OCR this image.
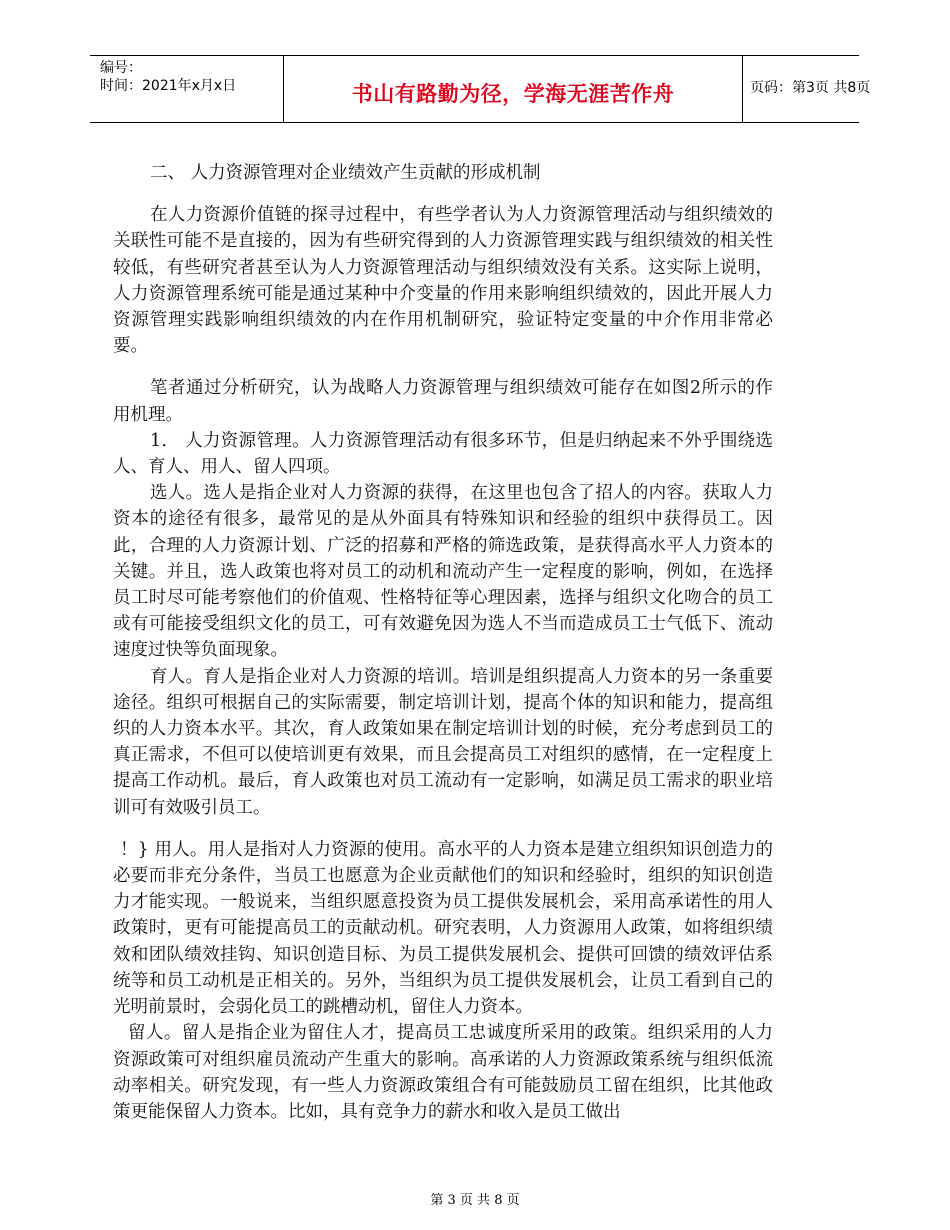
编号：
时间：2021年x月x日	书山有路勤为径，学海无涯苦作舟	页码：第3页 共8页

二、 人力资源管理对企业绩效产生贡献的形成机制

在人力资源价值链的探寻过程中，有些学者认为人力资源管理活动与组织绩效的关联性可能不是直接的，因为有些研究得到的人力资源管理实践与组织绩效的相关性较低，有些研究者甚至认为人力资源管理活动与组织绩效没有关系。这实际上说明，人力资源管理系统可能是通过某种中介变量的作用来影响组织绩效的，因此开展人力资源管理实践影响组织绩效的内在作用机制研究，验证特定变量的中介作用非常必要。

笔者通过分析研究，认为战略人力资源管理与组织绩效可能存在如图2所示的作用机理。

1． 人力资源管理。人力资源管理活动有很多环节，但是归纳起来不外乎围绕选人、育人、用人、留人四项。

选人。选人是指企业对人力资源的获得，在这里也包含了招人的内容。获取人力资本的途径有很多，最常见的是从外面具有特殊知识和经验的组织中获得员工。因此，合理的人力资源计划、广泛的招募和严格的筛选政策，是获得高水平人力资本的关键。并且，选人政策也将对员工的动机和流动产生一定程度的影响，例如，在选择员工时尽可能考察他们的价值观、性格特征等心理因素，选择与组织文化吻合的员工或有可能接受组织文化的员工，可有效避免因为选人不当而造成员工士气低下、流动速度过快等负面现象。

育人。育人是指企业对人力资源的培训。培训是组织提高人力资本的另一条重要途径。组织可根据自己的实际需要，制定培训计划，提高个体的知识和能力，提高组织的人力资本水平。其次，育人政策如果在制定培训计划的时候，充分考虑到员工的真正需求，不但可以使培训更有效果，而且会提高员工对组织的感情，在一定程度上提高工作动机。最后，育人政策也对员工流动有一定影响，如满足员工需求的职业培训可有效吸引员工。

！} 用人。用人是指对人力资源的使用。高水平的人力资本是建立组织知识创造力的必要而非充分条件，当员工也愿意为企业贡献他们的知识和经验时，组织的知识创造力才能实现。一般说来，当组织愿意投资为员工提供发展机会，采用高承诺性的用人政策时，更有可能提高员工的贡献动机。研究表明，人力资源用人政策，如将组织绩效和团队绩效挂钩、知识创造目标、为员工提供发展机会、提供可回馈的绩效评估系统等和员工动机是正相关的。另外，当组织为员工提供发展机会，让员工看到自己的光明前景时，会弱化员工的跳槽动机，留住人力资本。

留人。留人是指企业为留住人才，提高员工忠诚度所采用的政策。组织采用的人力资源政策可对组织雇员流动产生重大的影响。高承诺的人力资源政策系统与组织低流动率相关。研究发现，有一些人力资源政策组合有可能鼓励员工留在组织，比其他政策更能保留人力资本。比如，具有竞争力的薪水和收入是员工做出

第 3 页 共 8 页
